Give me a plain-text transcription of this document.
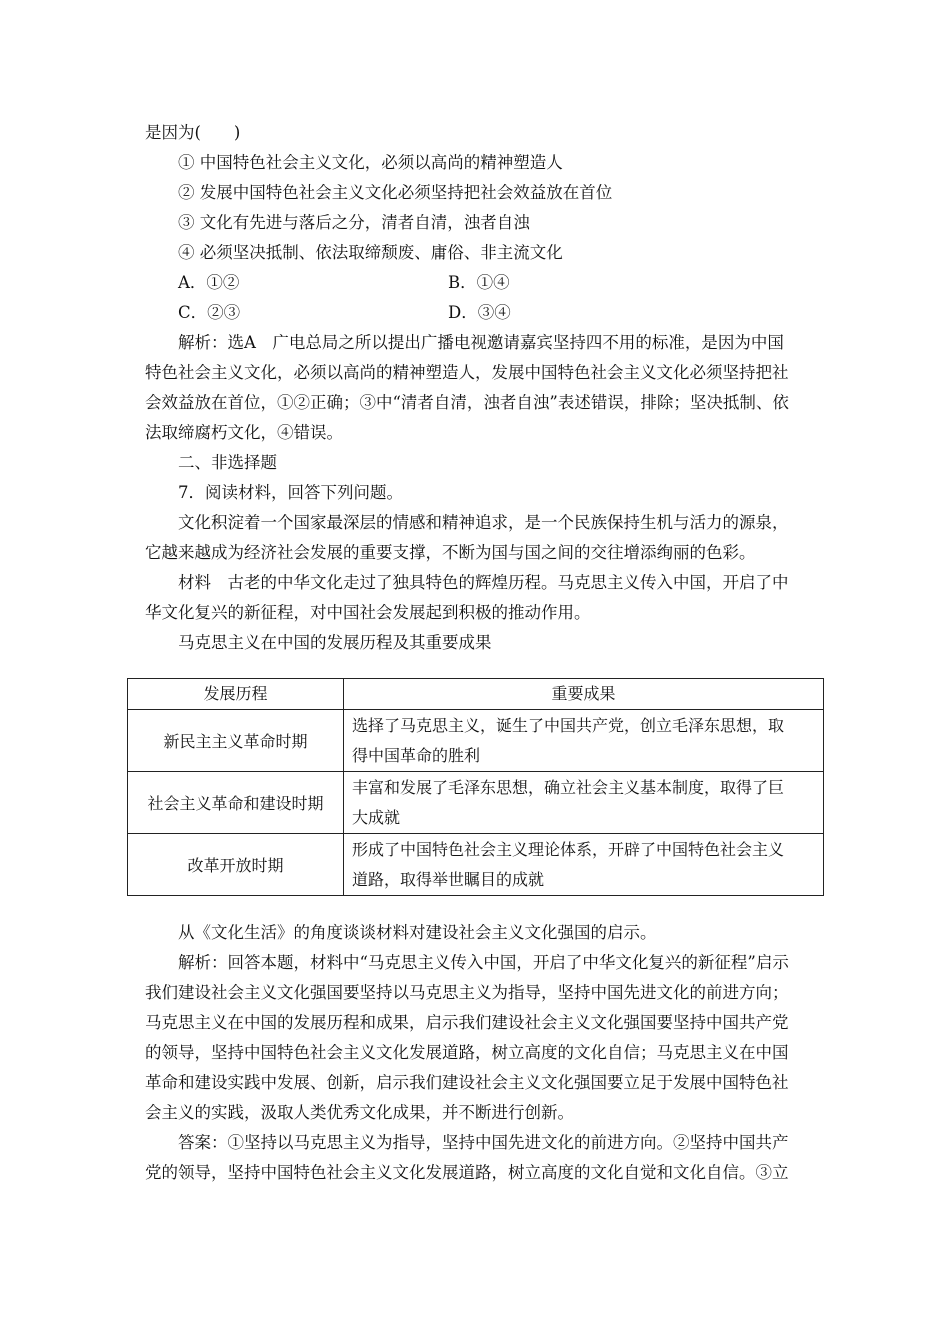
是因为(　　)
① 中国特色社会主义文化，必须以高尚的精神塑造人
② 发展中国特色社会主义文化必须坚持把社会效益放在首位
③ 文化有先进与落后之分，清者自清，浊者自浊
④ 必须坚决抵制、依法取缔颓废、庸俗、非主流文化
A．①②	B．①④
C．②③	D．③④
解析：选A　广电总局之所以提出广播电视邀请嘉宾坚持四不用的标准，是因为中国
特色社会主义文化，必须以高尚的精神塑造人，发展中国特色社会主义文化必须坚持把社
会效益放在首位，①②正确；③中“清者自清，浊者自浊”表述错误，排除；坚决抵制、依
法取缔腐朽文化，④错误。
二、非选择题
7．阅读材料，回答下列问题。
文化积淀着一个国家最深层的情感和精神追求，是一个民族保持生机与活力的源泉，
它越来越成为经济社会发展的重要支撑，不断为国与国之间的交往增添绚丽的色彩。
材料　古老的中华文化走过了独具特色的辉煌历程。马克思主义传入中国，开启了中
华文化复兴的新征程，对中国社会发展起到积极的推动作用。
马克思主义在中国的发展历程及其重要成果
发展历程	重要成果
新民主主义革命时期	选择了马克思主义，诞生了中国共产党，创立毛泽东思想，取
得中国革命的胜利

社会主义革命和建设时期	丰富和发展了毛泽东思想，确立社会主义基本制度，取得了巨
大成就

改革开放时期	形成了中国特色社会主义理论体系，开辟了中国特色社会主义
道路，取得举世瞩目的成就
从《文化生活》的角度谈谈材料对建设社会主义文化强国的启示。
解析：回答本题，材料中“马克思主义传入中国，开启了中华文化复兴的新征程”启示
我们建设社会主义文化强国要坚持以马克思主义为指导，坚持中国先进文化的前进方向；
马克思主义在中国的发展历程和成果，启示我们建设社会主义文化强国要坚持中国共产党
的领导，坚持中国特色社会主义文化发展道路，树立高度的文化自信；马克思主义在中国
革命和建设实践中发展、创新，启示我们建设社会主义文化强国要立足于发展中国特色社
会主义的实践，汲取人类优秀文化成果，并不断进行创新。
答案：①坚持以马克思主义为指导，坚持中国先进文化的前进方向。②坚持中国共产
党的领导，坚持中国特色社会主义文化发展道路，树立高度的文化自觉和文化自信。③立
